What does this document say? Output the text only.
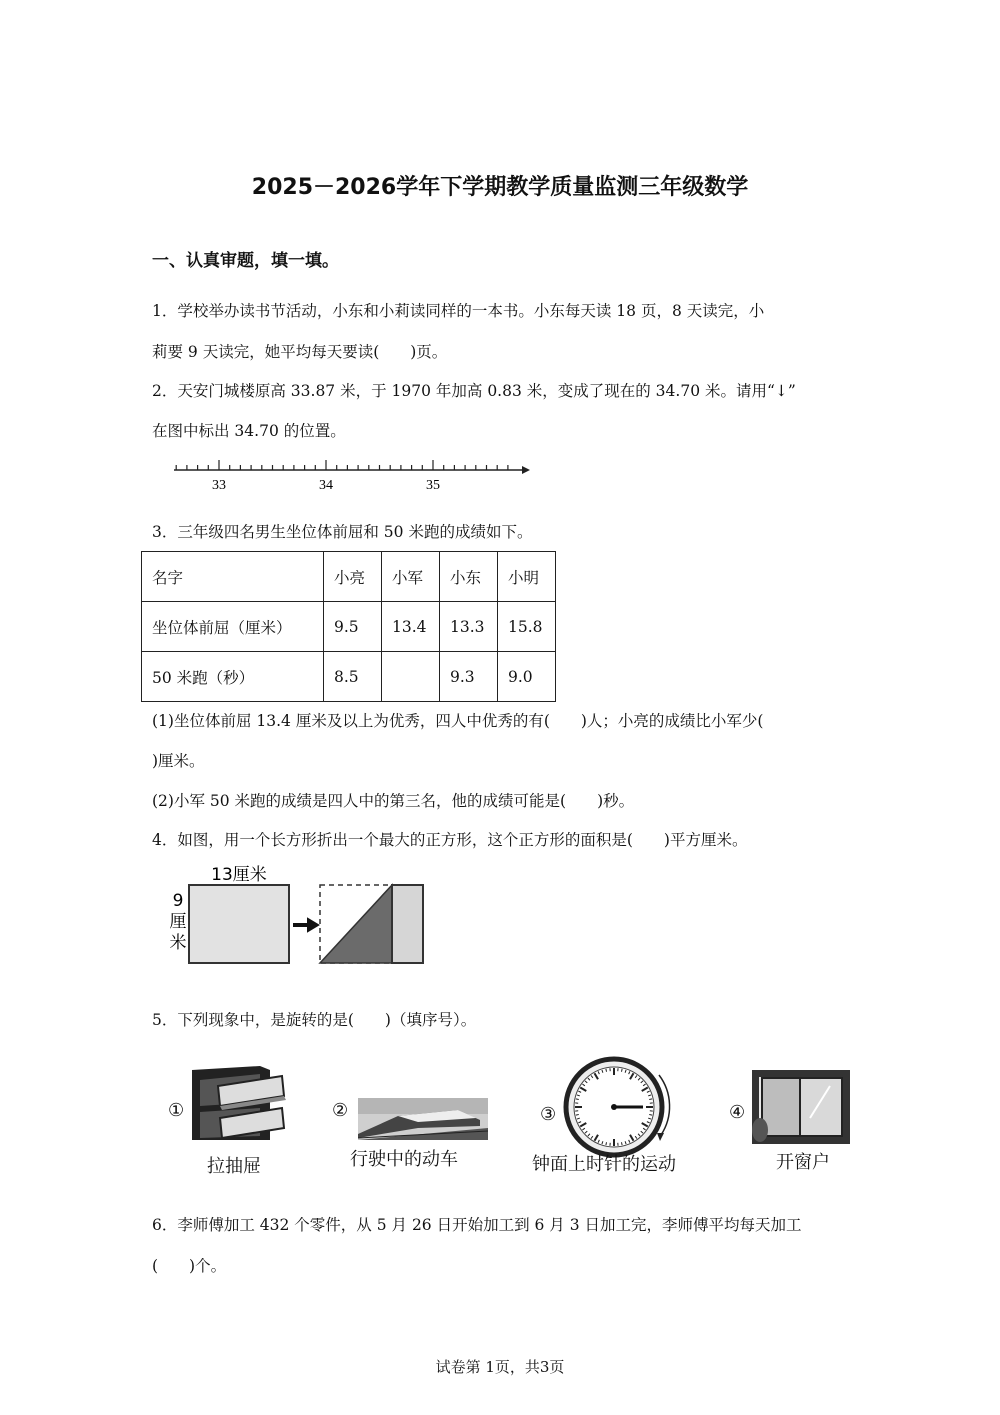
2025－2026学年下学期教学质量监测三年级数学
一、认真审题，填一填。
1．学校举办读书节活动，小东和小莉读同样的一本书。小东每天读 18 页，8 天读完，小
莉要 9 天读完，她平均每天要读(　　)页。
2．天安门城楼原高 33.87 米，于 1970 年加高 0.83 米，变成了现在的 34.70 米。请用“↓”
在图中标出 34.70 的位置。
33	34	35
3．三年级四名男生坐位体前屈和 50 米跑的成绩如下。
名字	小亮	小军	小东	小明
坐位体前屈（厘米）	9.5	13.4	13.3	15.8
50 米跑（秒）	8.5		9.3	9.0
(1)坐位体前屈 13.4 厘米及以上为优秀，四人中优秀的有(　　)人；小亮的成绩比小军少(
)厘米。
(2)小军 50 米跑的成绩是四人中的第三名，他的成绩可能是(　　)秒。
4．如图，用一个长方形折出一个最大的正方形，这个正方形的面积是(　　)平方厘米。
13厘米
9
厘
米
5．下列现象中，是旋转的是(　　)（填序号）。
①
拉抽屉
②
行驶中的动车
③
钟面上时针的运动
④
开窗户
6．李师傅加工 432 个零件，从 5 月 26 日开始加工到 6 月 3 日加工完，李师傅平均每天加工
(　　)个。
试卷第 1页，共3页
